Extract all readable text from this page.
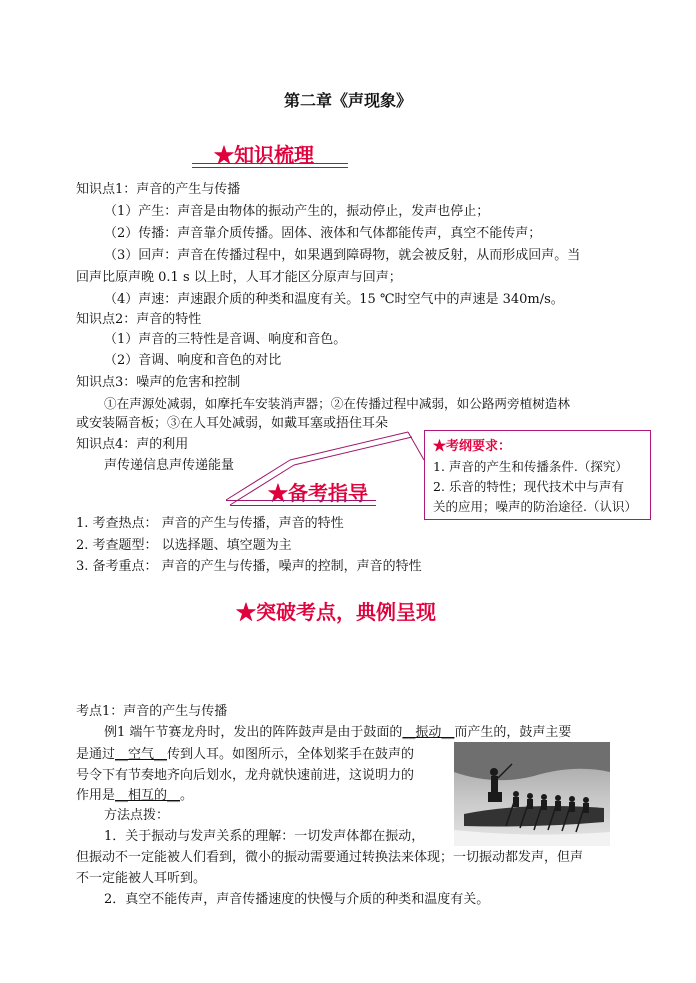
第二章《声现象》
★知识梳理
知识点1：声音的产生与传播
（1）产生：声音是由物体的振动产生的，振动停止，发声也停止；
（2）传播：声音靠介质传播。固体、液体和气体都能传声，真空不能传声；
（3）回声：声音在传播过程中，如果遇到障碍物，就会被反射，从而形成回声。当
回声比原声晚 0.1 s 以上时，人耳才能区分原声与回声；
（4）声速：声速跟介质的种类和温度有关。15 ℃时空气中的声速是 340m/s。
知识点2：声音的特性
（1）声音的三特性是音调、响度和音色。
（2）音调、响度和音色的对比
知识点3：噪声的危害和控制
①在声源处减弱，如摩托车安装消声器；②在传播过程中减弱，如公路两旁植树造林
或安装隔音板；③在人耳处减弱，如戴耳塞或捂住耳朵
知识点4：声的利用
声传递信息声传递能量
★考纲要求：
1. 声音的产生和传播条件.（探究）
2. 乐音的特性；现代技术中与声有
关的应用；噪声的防治途径.（认识）
★备考指导
1. 考查热点： 声音的产生与传播，声音的特性
2. 考查题型： 以选择题、填空题为主
3. 备考重点： 声音的产生与传播，噪声的控制，声音的特性
★突破考点，典例呈现
考点1：声音的产生与传播
例1 端午节赛龙舟时，发出的阵阵鼓声是由于鼓面的__振动__而产生的，鼓声主要
是通过__空气__传到人耳。如图所示，全体划桨手在鼓声的
号令下有节奏地齐向后划水，龙舟就快速前进，这说明力的
作用是__相互的__。
方法点拨：
1．关于振动与发声关系的理解：一切发声体都在振动，
但振动不一定能被人们看到，微小的振动需要通过转换法来体现；一切振动都发声，但声
不一定能被人耳听到。
2．真空不能传声，声音传播速度的快慢与介质的种类和温度有关。
